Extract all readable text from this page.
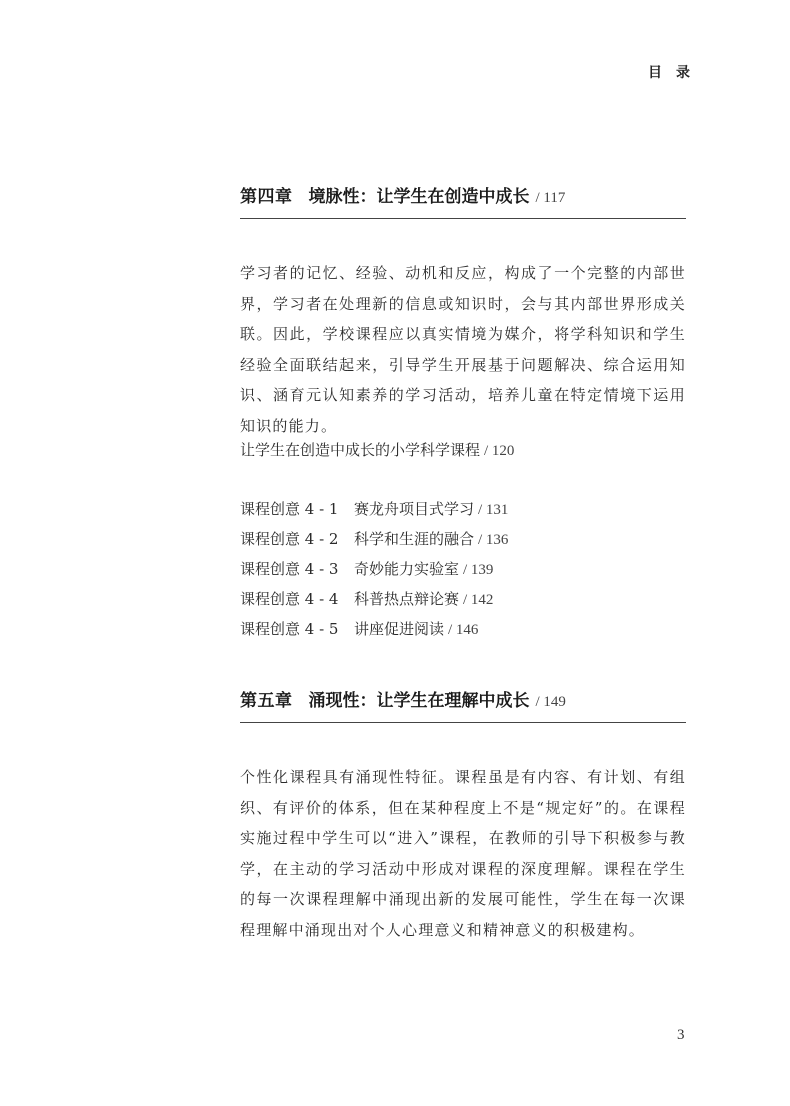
目录
第四章 境脉性：让学生在创造中成长 / 117
学习者的记忆、经验、动机和反应，构成了一个完整的内部世界，学习者在处理新的信息或知识时，会与其内部世界形成关联。因此，学校课程应以真实情境为媒介，将学科知识和学生经验全面联结起来，引导学生开展基于问题解决、综合运用知识、涵育元认知素养的学习活动，培养儿童在特定情境下运用知识的能力。
让学生在创造中成长的小学科学课程 / 120
课程创意 4 - 1 赛龙舟项目式学习 / 131
课程创意 4 - 2 科学和生涯的融合 / 136
课程创意 4 - 3 奇妙能力实验室 / 139
课程创意 4 - 4 科普热点辩论赛 / 142
课程创意 4 - 5 讲座促进阅读 / 146
第五章 涌现性：让学生在理解中成长 / 149
个性化课程具有涌现性特征。课程虽是有内容、有计划、有组织、有评价的体系，但在某种程度上不是“规定好”的。在课程实施过程中学生可以“进入”课程，在教师的引导下积极参与教学，在主动的学习活动中形成对课程的深度理解。课程在学生的每一次课程理解中涌现出新的发展可能性，学生在每一次课程理解中涌现出对个人心理意义和精神意义的积极建构。
3
